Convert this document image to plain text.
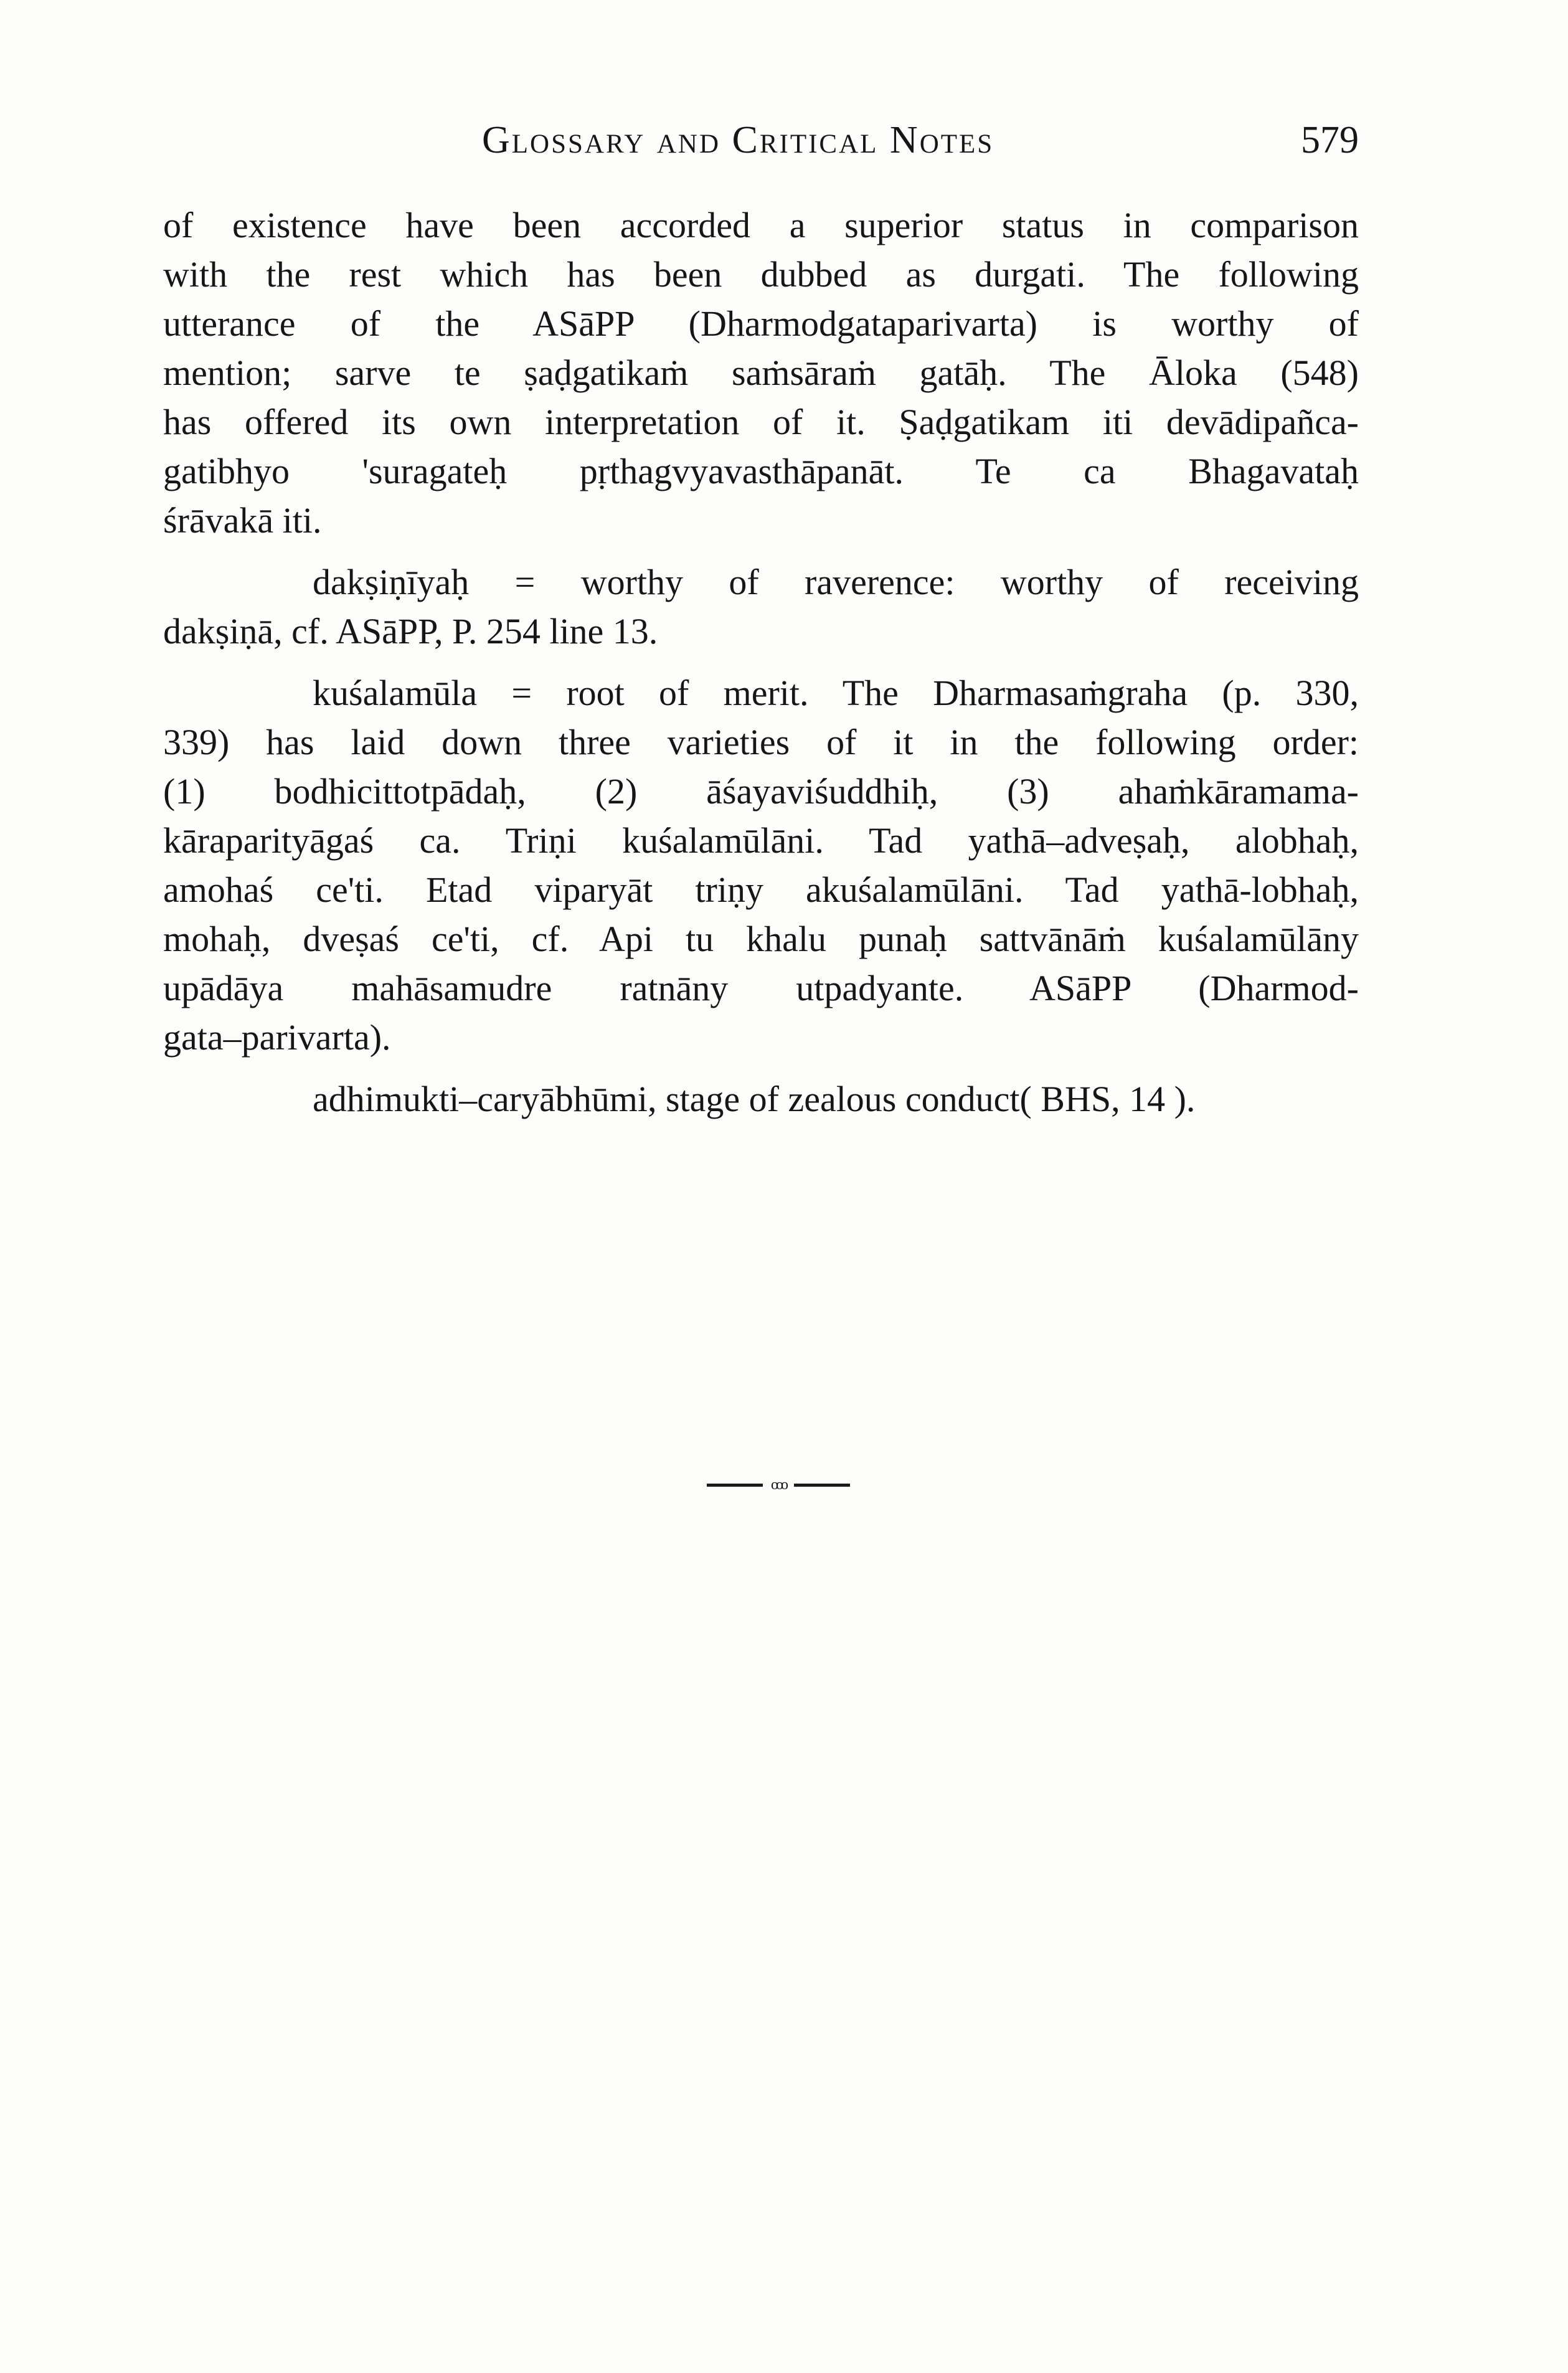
Glossary and Critical Notes	579
of existence have been accorded a superior status in comparison
with the rest which has been dubbed as durgati. The following
utterance of the ASāPP (Dharmodgataparivarta) is worthy of
mention; sarve te ṣaḍgatikaṁ saṁsāraṁ gatāḥ. The Āloka (548)
has offered its own interpretation of it. Ṣaḍgatikam iti devādipañca-
gatibhyo 'suragateḥ pṛthagvyavasthāpanāt. Te ca Bhagavataḥ
śrāvakā iti.
dakṣiṇīyaḥ = worthy of raverence: worthy of receiving
dakṣiṇā, cf. ASāPP, P. 254 line 13.
kuśalamūla = root of merit. The Dharmasaṁgraha (p. 330,
339) has laid down three varieties of it in the following order:
(1) bodhicittotpādaḥ, (2) āśayaviśuddhiḥ, (3) ahaṁkāramama-
kāraparityāgaś ca. Triṇi kuśalamūlāni. Tad yathā–adveṣaḥ, alobhaḥ,
amohaś ce'ti. Etad viparyāt triṇy akuśalamūlāni. Tad yathā-lobhaḥ,
mohaḥ, dveṣaś ce'ti, cf. Api tu khalu punaḥ sattvānāṁ kuśalamūlāny
upādāya mahāsamudre ratnāny utpadyante. ASāPP (Dharmod-
gata–parivarta).
adhimukti–caryābhūmi, stage of zealous conduct( BHS, 14 ).
ooo
